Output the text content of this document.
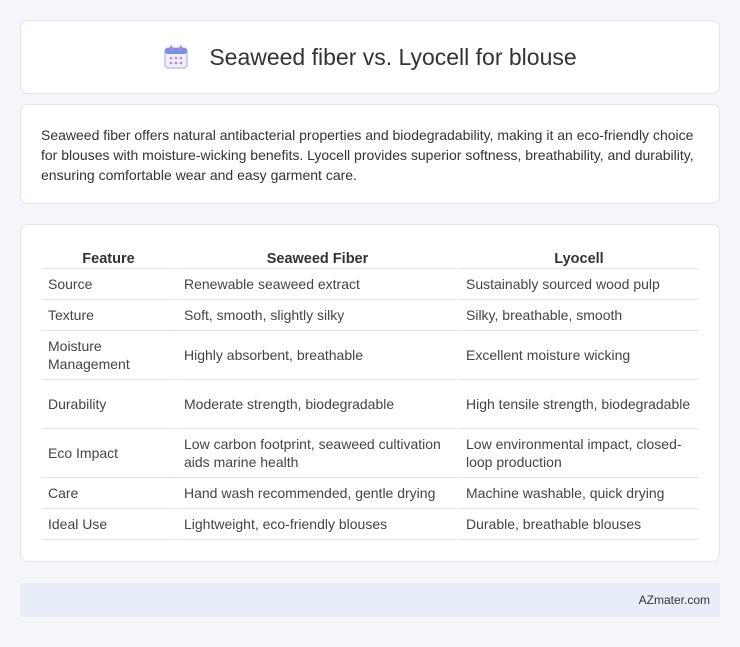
Seaweed fiber vs. Lyocell for blouse

Seaweed fiber offers natural antibacterial properties and biodegradability, making it an eco-friendly choice for blouses with moisture-wicking benefits. Lyocell provides superior softness, breathability, and durability, ensuring comfortable wear and easy garment care.

Feature	Seaweed Fiber	Lyocell
Source	Renewable seaweed extract	Sustainably sourced wood pulp
Texture	Soft, smooth, slightly silky	Silky, breathable, smooth
Moisture Management	Highly absorbent, breathable	Excellent moisture wicking
Durability	Moderate strength, biodegradable	High tensile strength, biodegradable
Eco Impact	Low carbon footprint, seaweed cultivation aids marine health	Low environmental impact, closed-loop production
Care	Hand wash recommended, gentle drying	Machine washable, quick drying
Ideal Use	Lightweight, eco-friendly blouses	Durable, breathable blouses
AZmater.com
